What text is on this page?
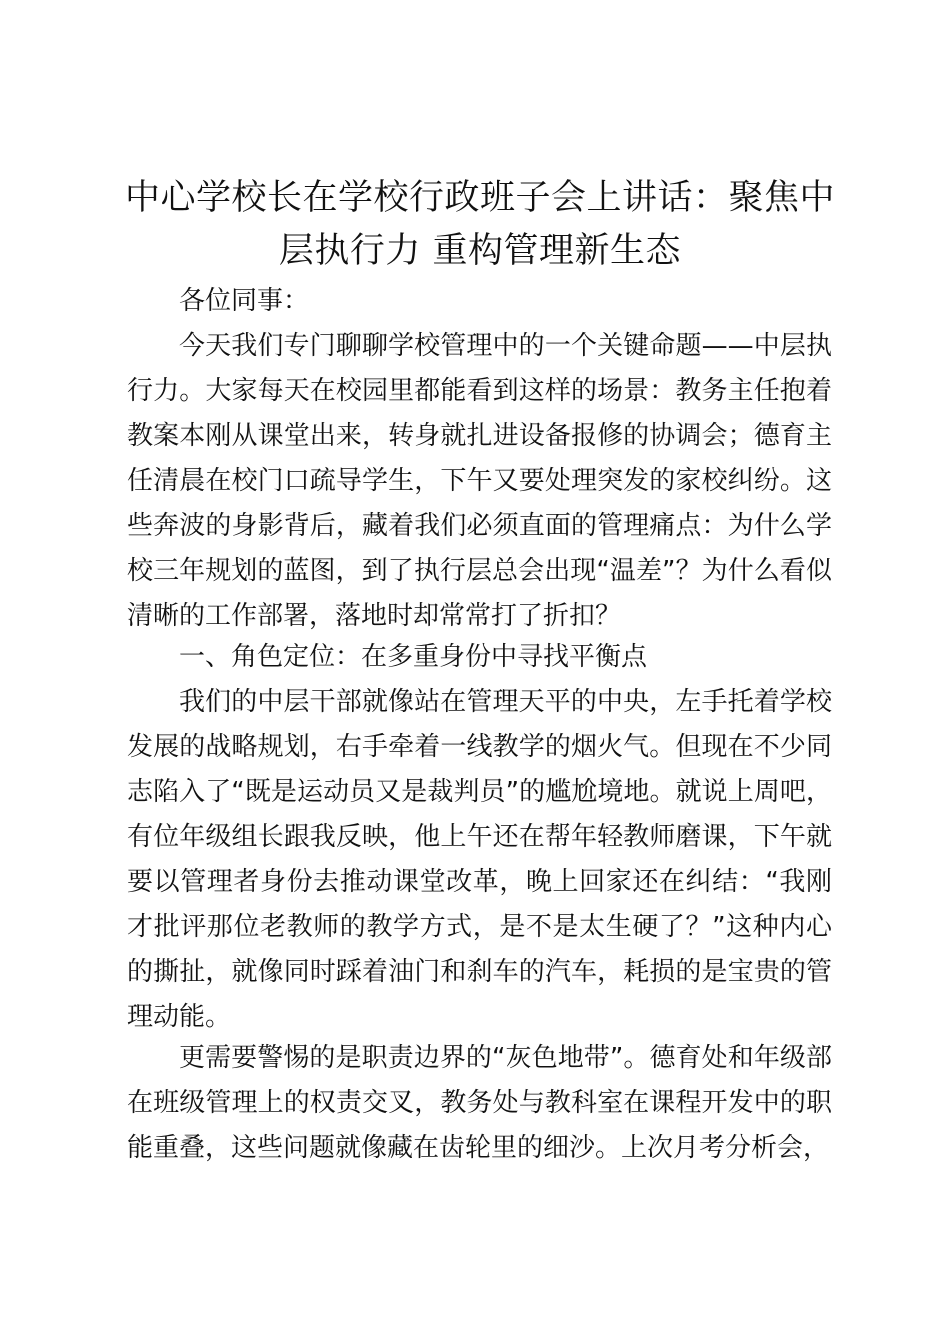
中心学校长在学校行政班子会上讲话：聚焦中层执行力 重构管理新生态

各位同事：

今天我们专门聊聊学校管理中的一个关键命题——中层执行力。大家每天在校园里都能看到这样的场景：教务主任抱着教案本刚从课堂出来，转身就扎进设备报修的协调会；德育主任清晨在校门口疏导学生，下午又要处理突发的家校纠纷。这些奔波的身影背后，藏着我们必须直面的管理痛点：为什么学校三年规划的蓝图，到了执行层总会出现“温差”？为什么看似清晰的工作部署，落地时却常常打了折扣？

一、角色定位：在多重身份中寻找平衡点

我们的中层干部就像站在管理天平的中央，左手托着学校发展的战略规划，右手牵着一线教学的烟火气。但现在不少同志陷入了“既是运动员又是裁判员”的尴尬境地。就说上周吧，有位年级组长跟我反映，他上午还在帮年轻教师磨课，下午就要以管理者身份去推动课堂改革，晚上回家还在纠结：“我刚才批评那位老教师的教学方式，是不是太生硬了？”这种内心的撕扯，就像同时踩着油门和刹车的汽车，耗损的是宝贵的管理动能。

更需要警惕的是职责边界的“灰色地带”。德育处和年级部在班级管理上的权责交叉，教务处与教科室在课程开发中的职能重叠，这些问题就像藏在齿轮里的细沙。上次月考分析会，
